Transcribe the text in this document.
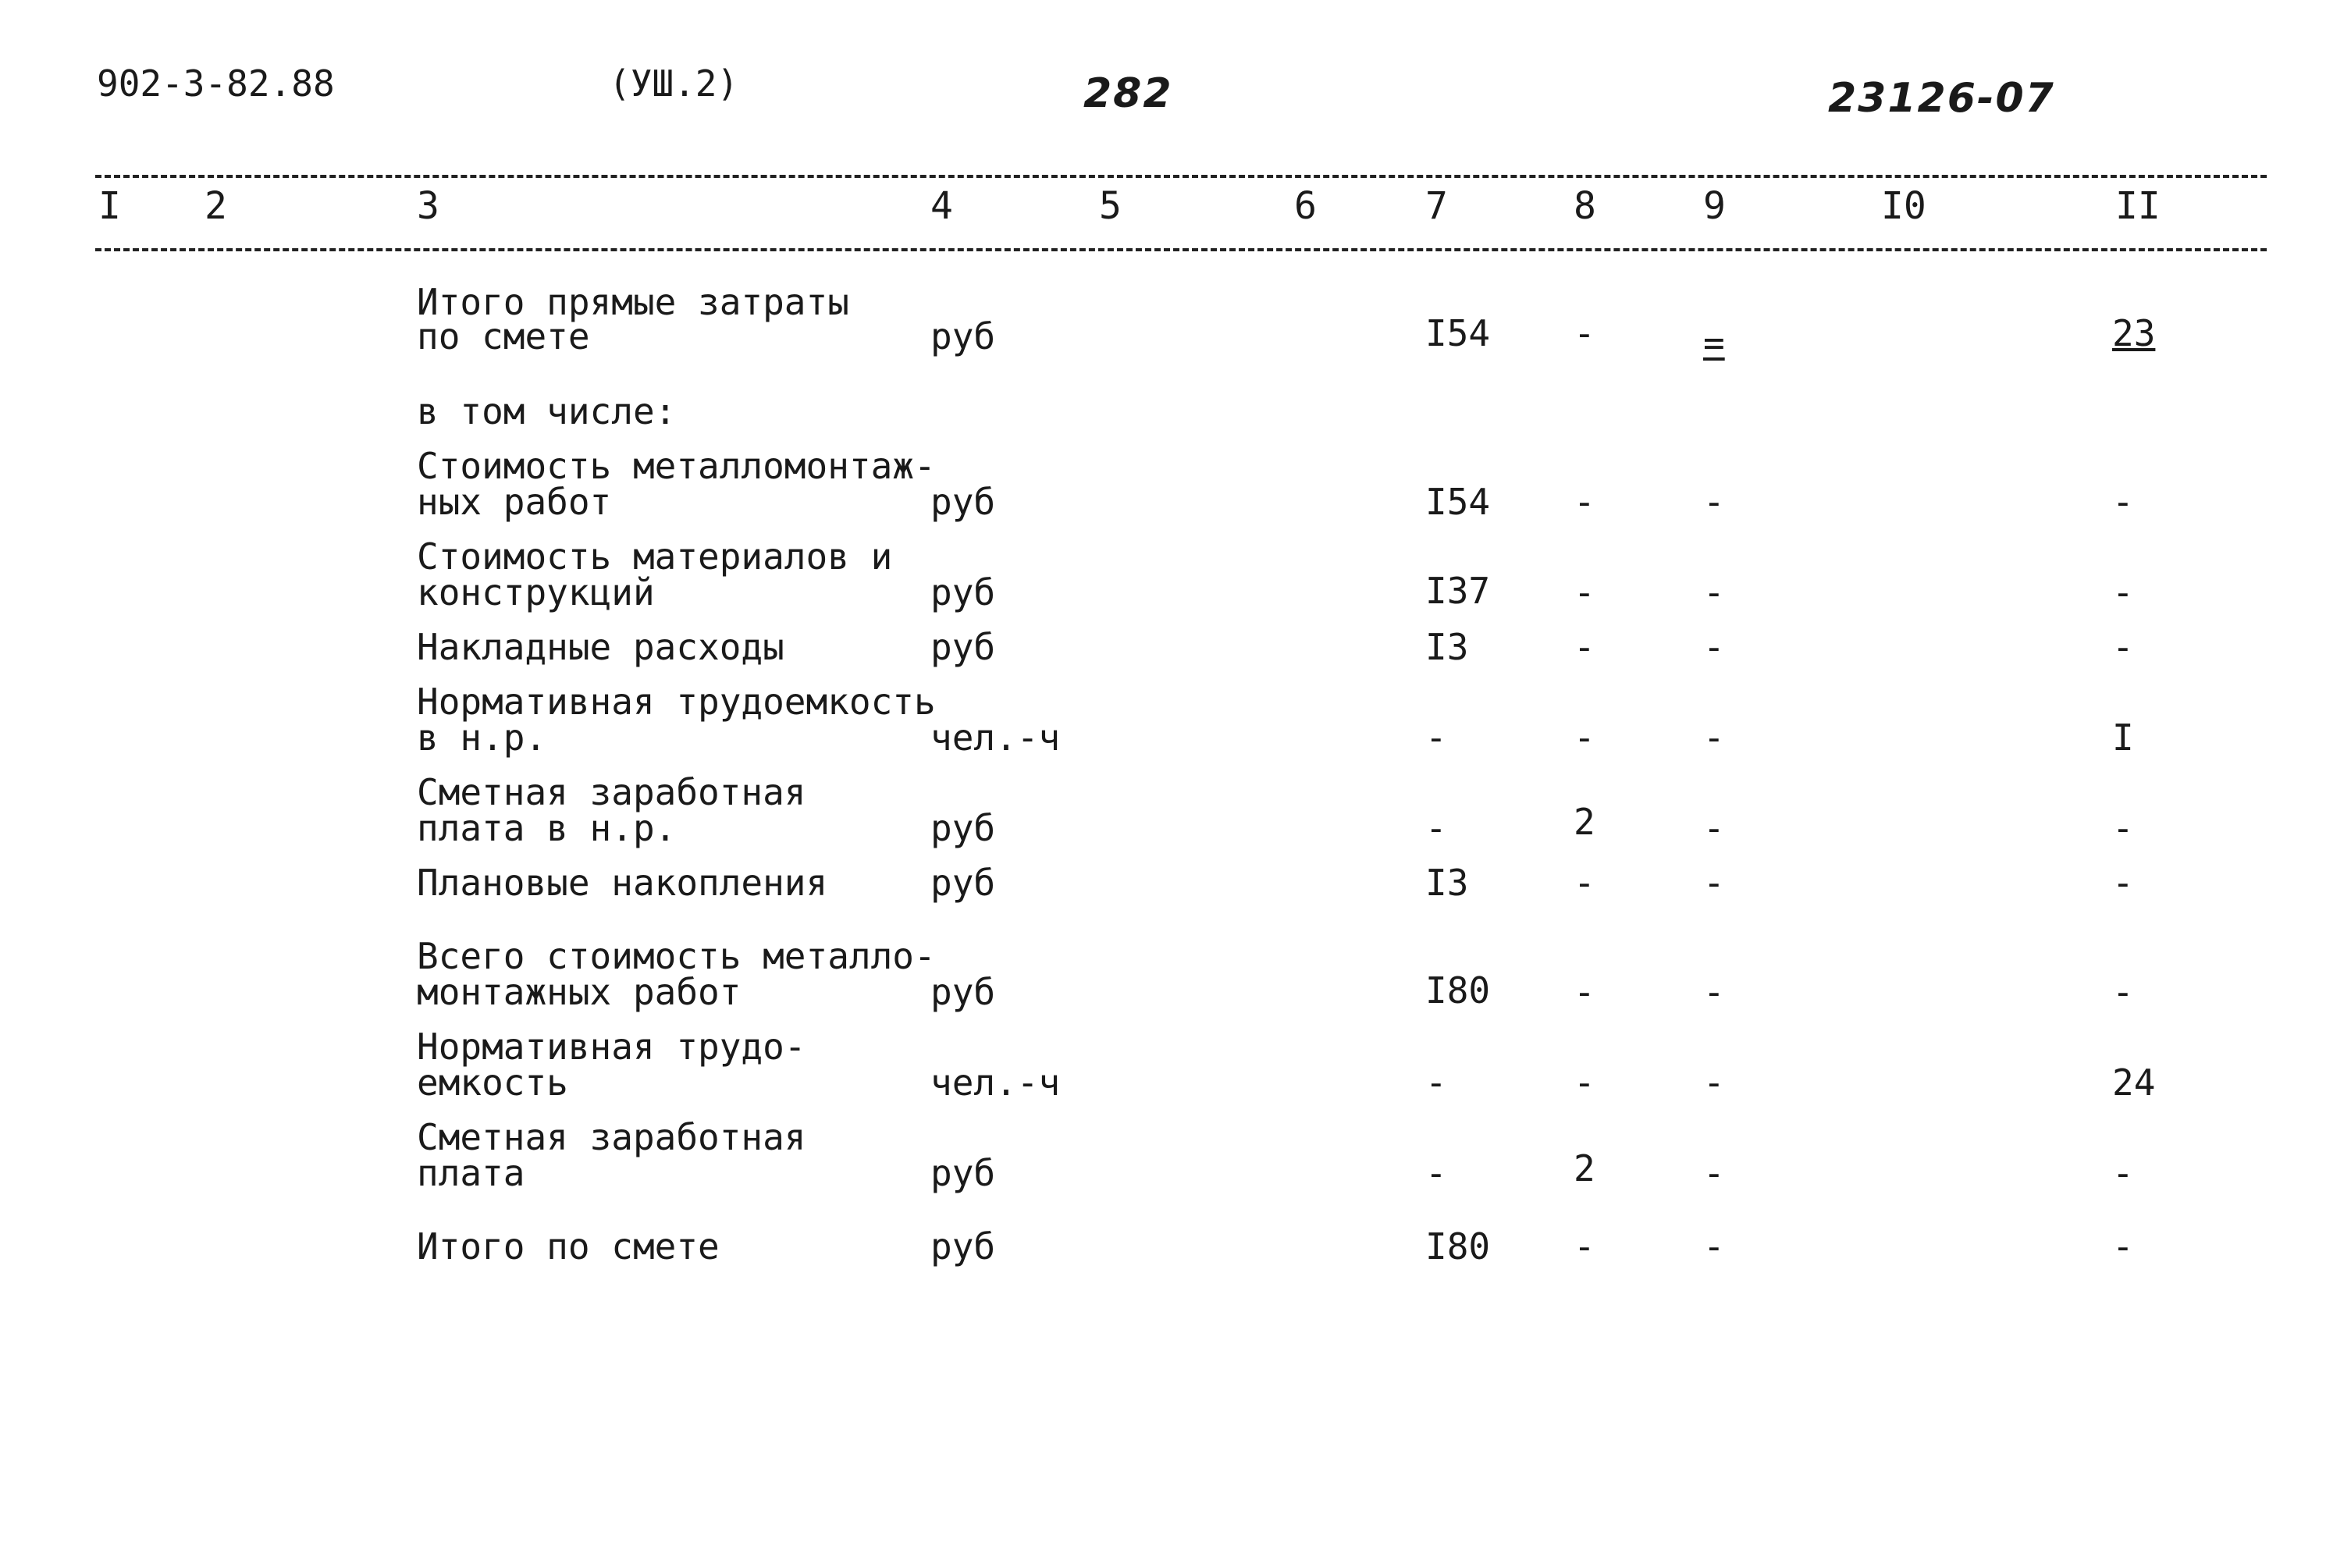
902-3-82.88	(УШ.2)	282	23126-07
I 2	3	4	5	6	7	8	9	I0	II
Итого прямые затраты
по смете	руб	I54 -	=	23
в том числе:
Стоимость металломонтаж-
ных работ	руб	I54 -	-	-
Стоимость материалов и
конструкций	руб	I37 -	-	-
Накладные расходы	руб	I3	-	-	-
Нормативная трудоемкость
в н.р.	чел.-ч	-	-	-	I
Сметная заработная
плата в н.р.	руб	-	2	-	-
Плановые накопления	руб	I3	-	-	-
Всего стоимость металло-
монтажных работ	руб	I80 -	-	-
Нормативная трудо-
емкость	чел.-ч	-	-	-	24
Сметная заработная
плата	руб	-	2	-	-
Итого по смете	руб	I80 -	-	-
